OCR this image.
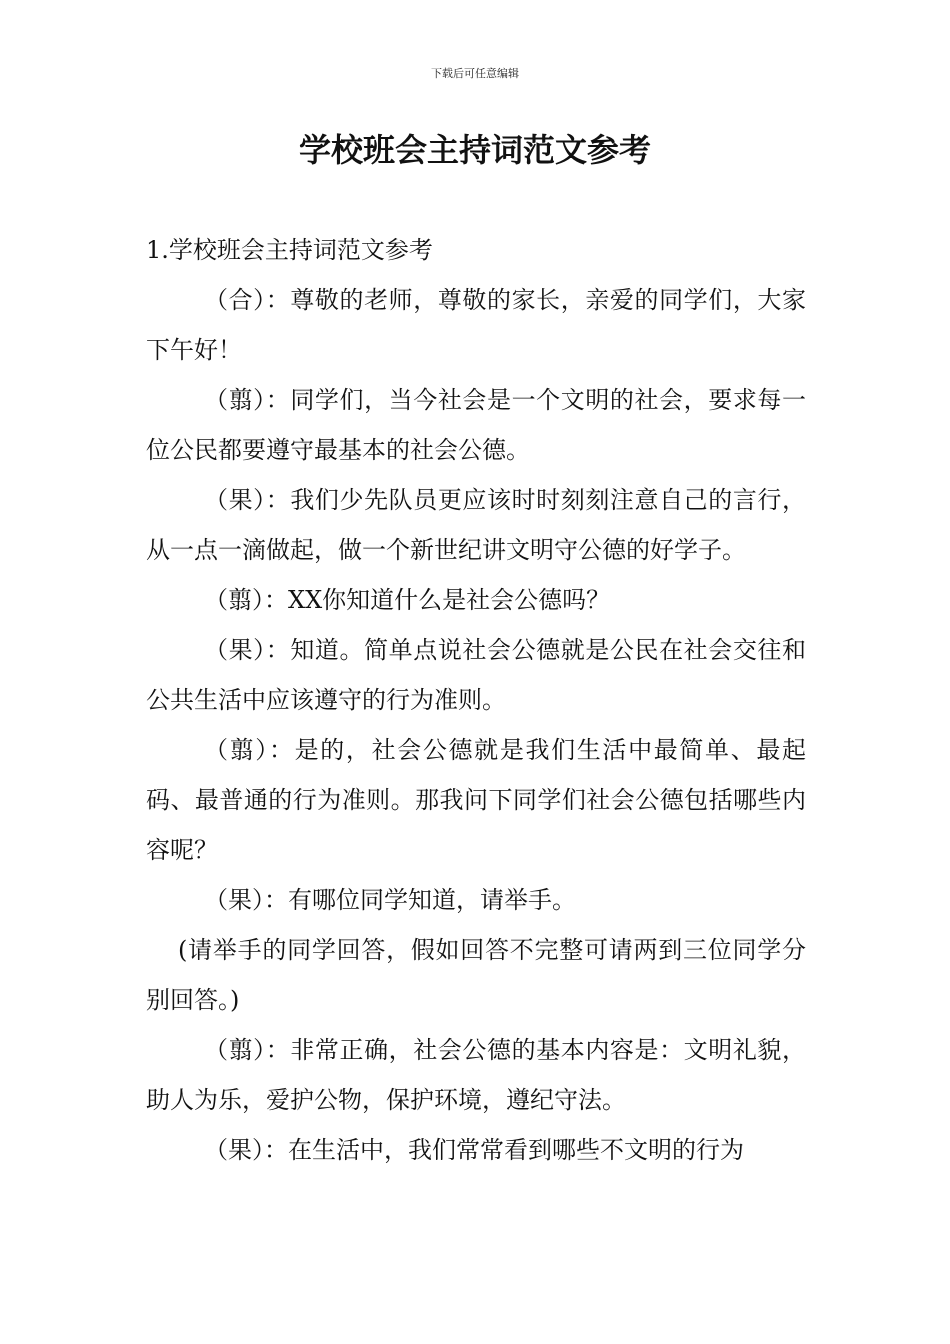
下载后可任意编辑
学校班会主持词范文参考

1.学校班会主持词范文参考

（合）：尊敬的老师，尊敬的家长，亲爱的同学们，大家下午好！

（翦）：同学们，当今社会是一个文明的社会，要求每一位公民都要遵守最基本的社会公德。

（果）：我们少先队员更应该时时刻刻注意自己的言行，从一点一滴做起，做一个新世纪讲文明守公德的好学子。

（翦）：XX你知道什么是社会公德吗？

（果）：知道。简单点说社会公德就是公民在社会交往和公共生活中应该遵守的行为准则。

（翦）：是的，社会公德就是我们生活中最简单、最起码、最普通的行为准则。那我问下同学们社会公德包括哪些内容呢？

（果）：有哪位同学知道，请举手。

(请举手的同学回答，假如回答不完整可请两到三位同学分别回答。)

（翦）：非常正确，社会公德的基本内容是：文明礼貌，助人为乐，爱护公物，保护环境，遵纪守法。

（果）：在生活中，我们常常看到哪些不文明的行为
